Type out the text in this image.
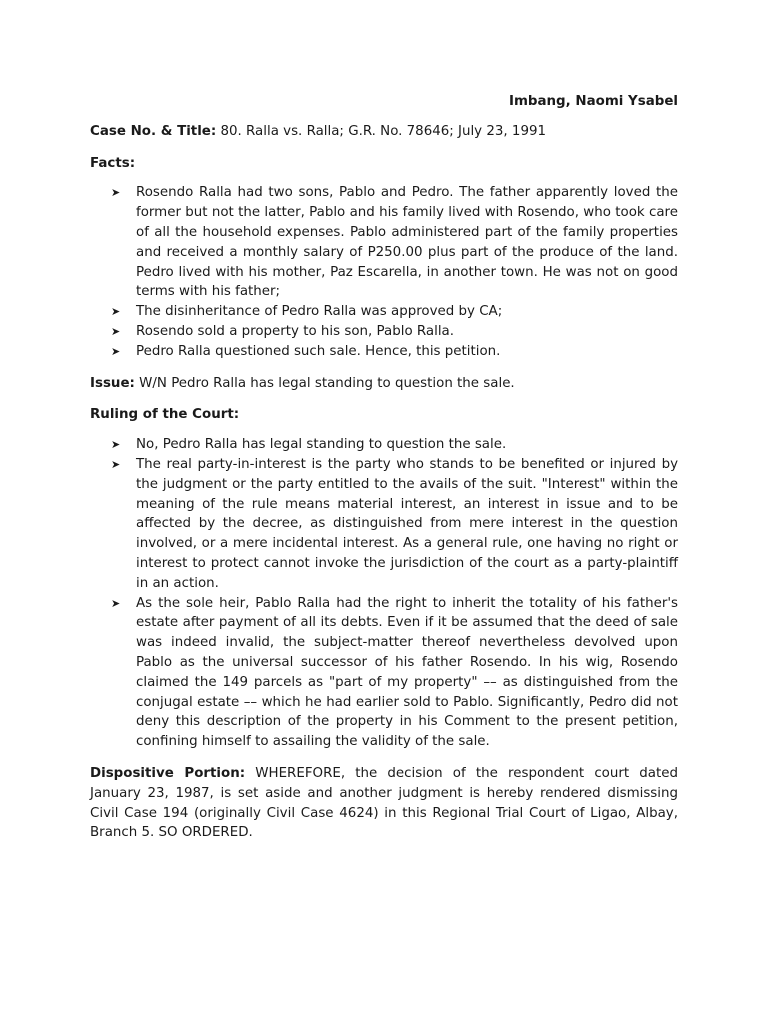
Imbang, Naomi Ysabel

Case No. & Title: 80. Ralla vs. Ralla; G.R. No. 78646; July 23, 1991

Facts:

➤	Rosendo Ralla had two sons, Pablo and Pedro. The father apparently loved the former but not the latter, Pablo and his family lived with Rosendo, who took care of all the household expenses. Pablo administered part of the family properties and received a monthly salary of P250.00 plus part of the produce of the land. Pedro lived with his mother, Paz Escarella, in another town. He was not on good terms with his father;
➤	The disinheritance of Pedro Ralla was approved by CA;
➤	Rosendo sold a property to his son, Pablo Ralla.
➤	Pedro Ralla questioned such sale. Hence, this petition.

Issue: W/N Pedro Ralla has legal standing to question the sale.

Ruling of the Court:

➤	No, Pedro Ralla has legal standing to question the sale.
➤	The real party-in-interest is the party who stands to be benefited or injured by the judgment or the party entitled to the avails of the suit. "Interest" within the meaning of the rule means material interest, an interest in issue and to be affected by the decree, as distinguished from mere interest in the question involved, or a mere incidental interest. As a general rule, one having no right or interest to protect cannot invoke the jurisdiction of the court as a party-plaintiff in an action.
➤	As the sole heir, Pablo Ralla had the right to inherit the totality of his father's estate after payment of all its debts. Even if it be assumed that the deed of sale was indeed invalid, the subject-matter thereof nevertheless devolved upon Pablo as the universal successor of his father Rosendo. In his wig, Rosendo claimed the 149 parcels as "part of my property" –– as distinguished from the conjugal estate –– which he had earlier sold to Pablo. Significantly, Pedro did not deny this description of the property in his Comment to the present petition, confining himself to assailing the validity of the sale.

Dispositive Portion: WHEREFORE, the decision of the respondent court dated January 23, 1987, is set aside and another judgment is hereby rendered dismissing Civil Case 194 (originally Civil Case 4624) in this Regional Trial Court of Ligao, Albay, Branch 5. SO ORDERED.
